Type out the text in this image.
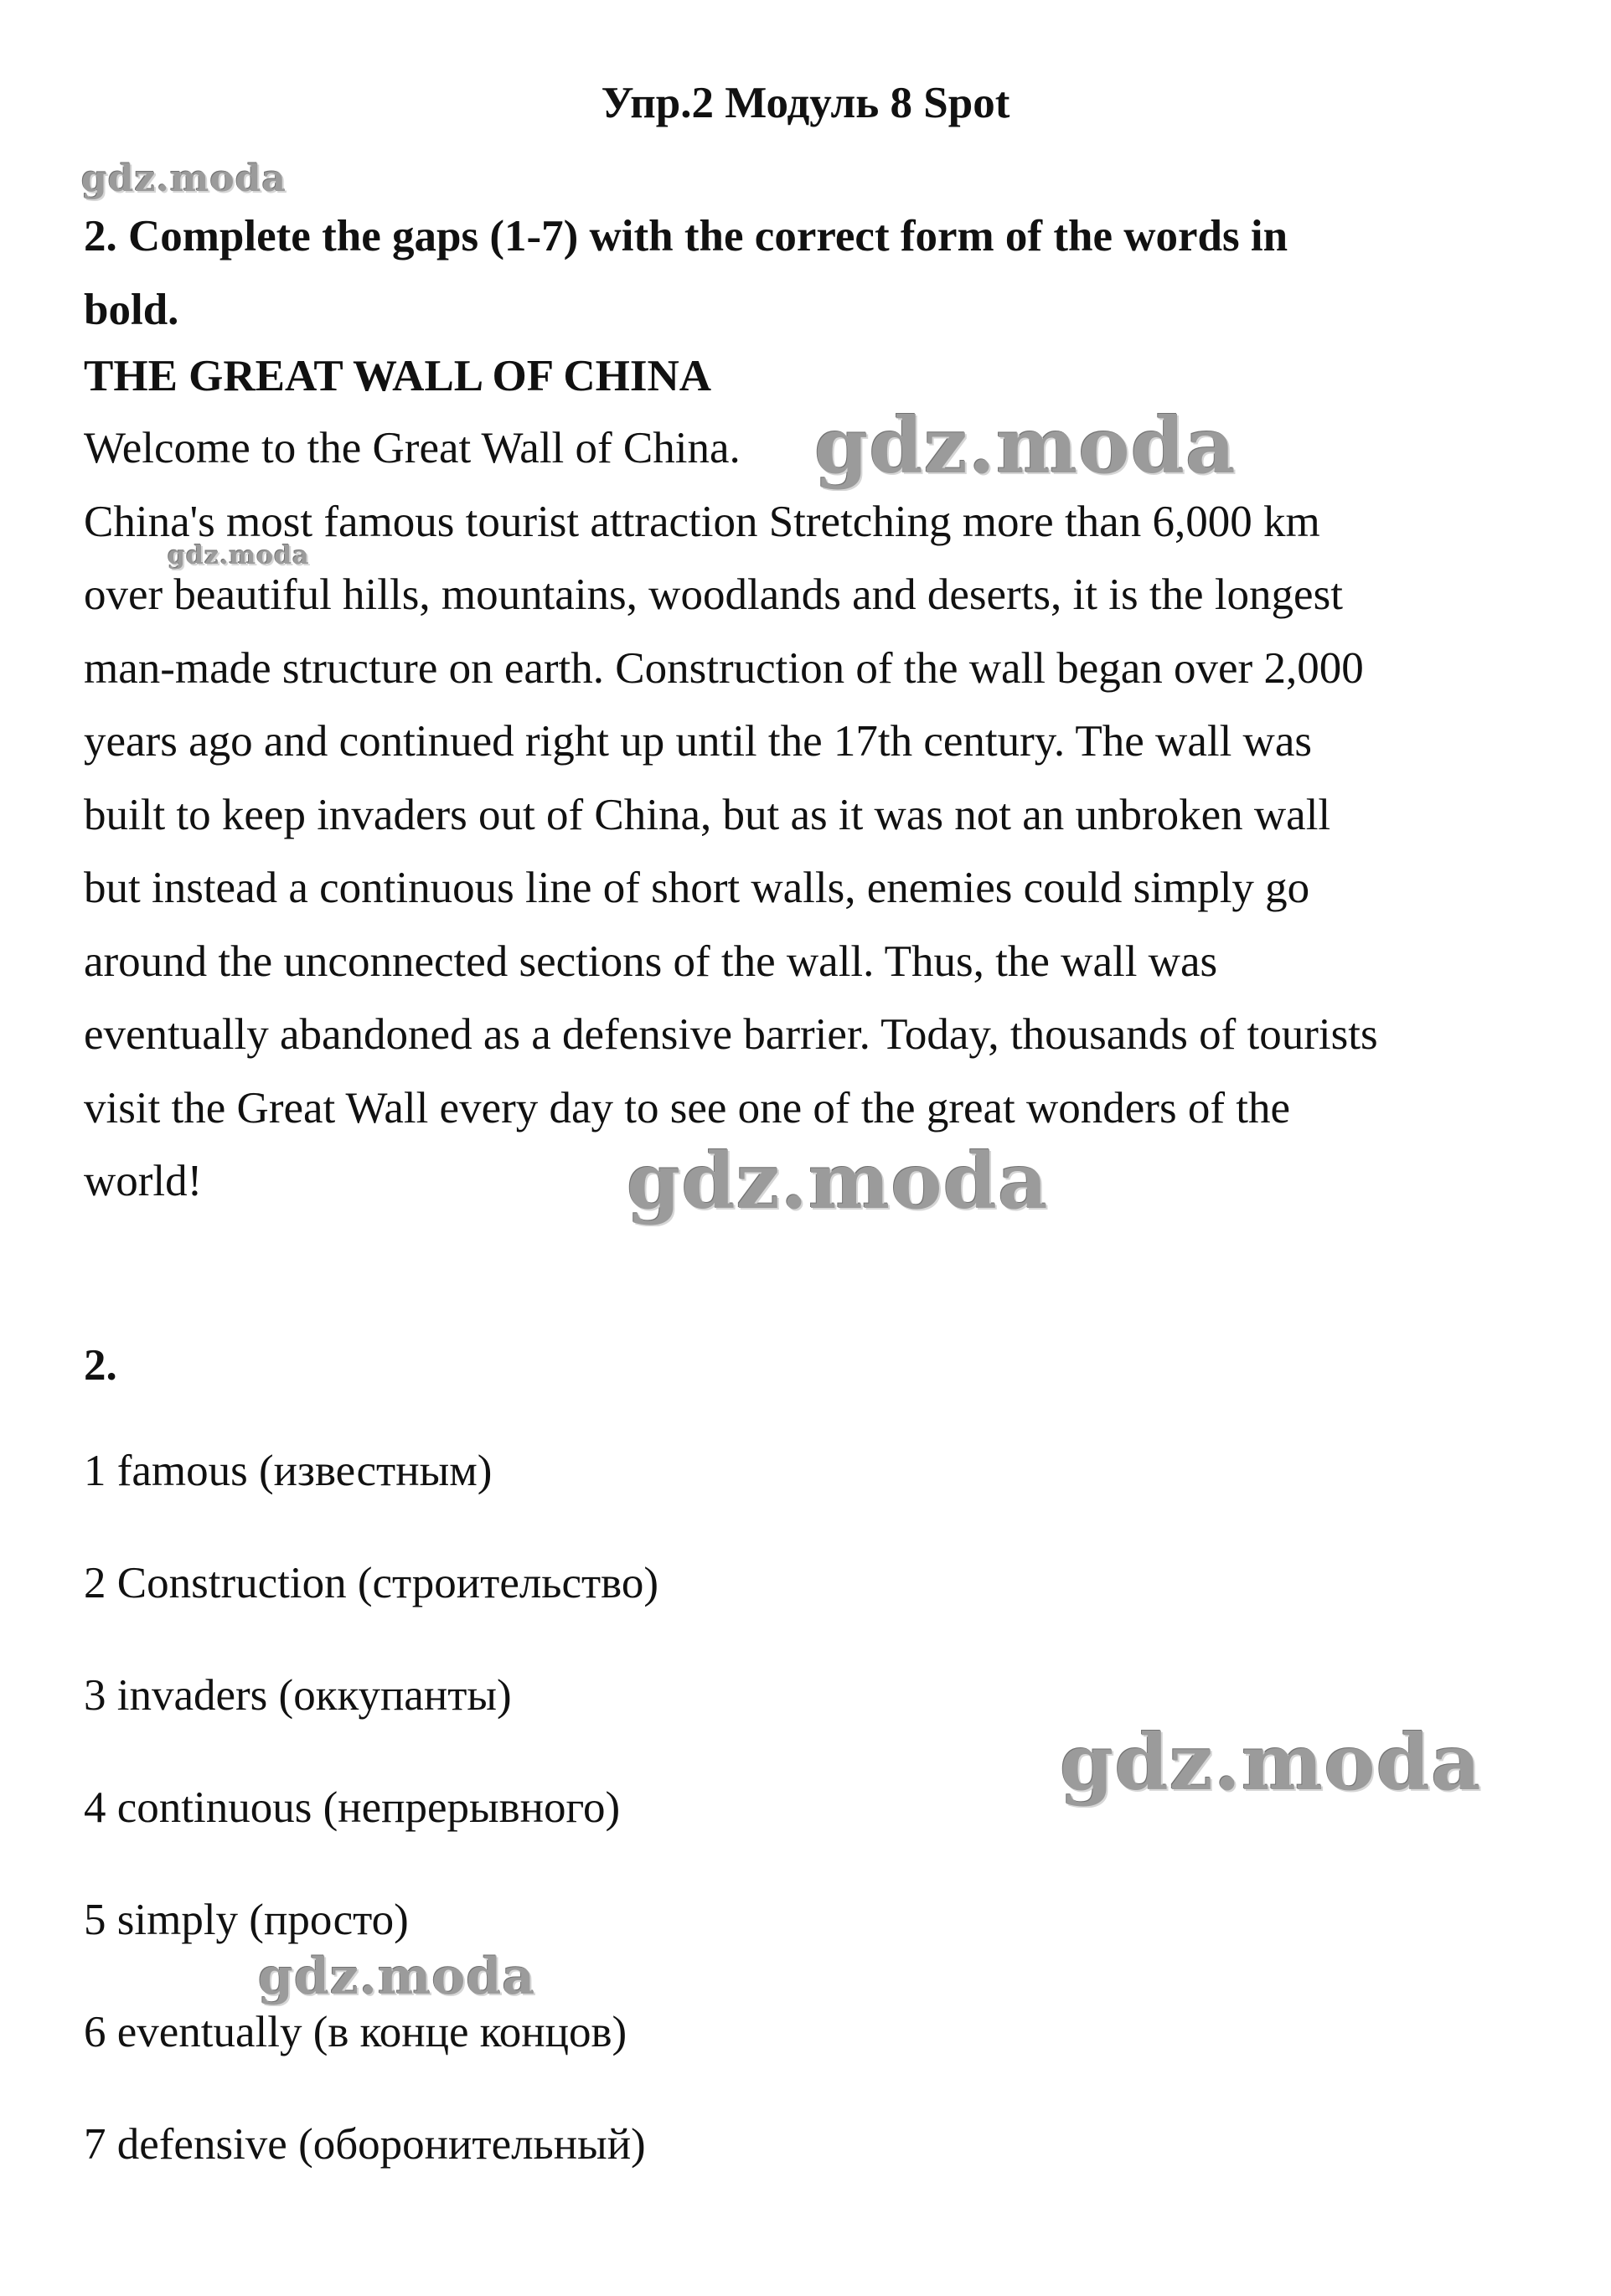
Упр.2 Модуль 8 Spot

2. Complete the gaps (1-7) with the correct form of the words in
bold.

THE GREAT WALL OF CHINA

Welcome to the Great Wall of China.
China's most famous tourist attraction Stretching more than 6,000 km
over beautiful hills, mountains, woodlands and deserts, it is the longest
man-made structure on earth. Construction of the wall began over 2,000
years ago and continued right up until the 17th century. The wall was
built to keep invaders out of China, but as it was not an unbroken wall
but instead a continuous line of short walls, enemies could simply go
around the unconnected sections of the wall. Thus, the wall was
eventually abandoned as a defensive barrier. Today, thousands of tourists
visit the Great Wall every day to see one of the great wonders of the
world!

2.

1 famous (известным)
2 Construction (строительство)
3 invaders (оккупанты)
4 continuous (непрерывного)
5 simply (просто)
6 eventually (в конце концов)
7 defensive (оборонительный)
gdz.moda
gdz.moda
gdz.moda
gdz.moda
gdz.moda
gdz.moda
